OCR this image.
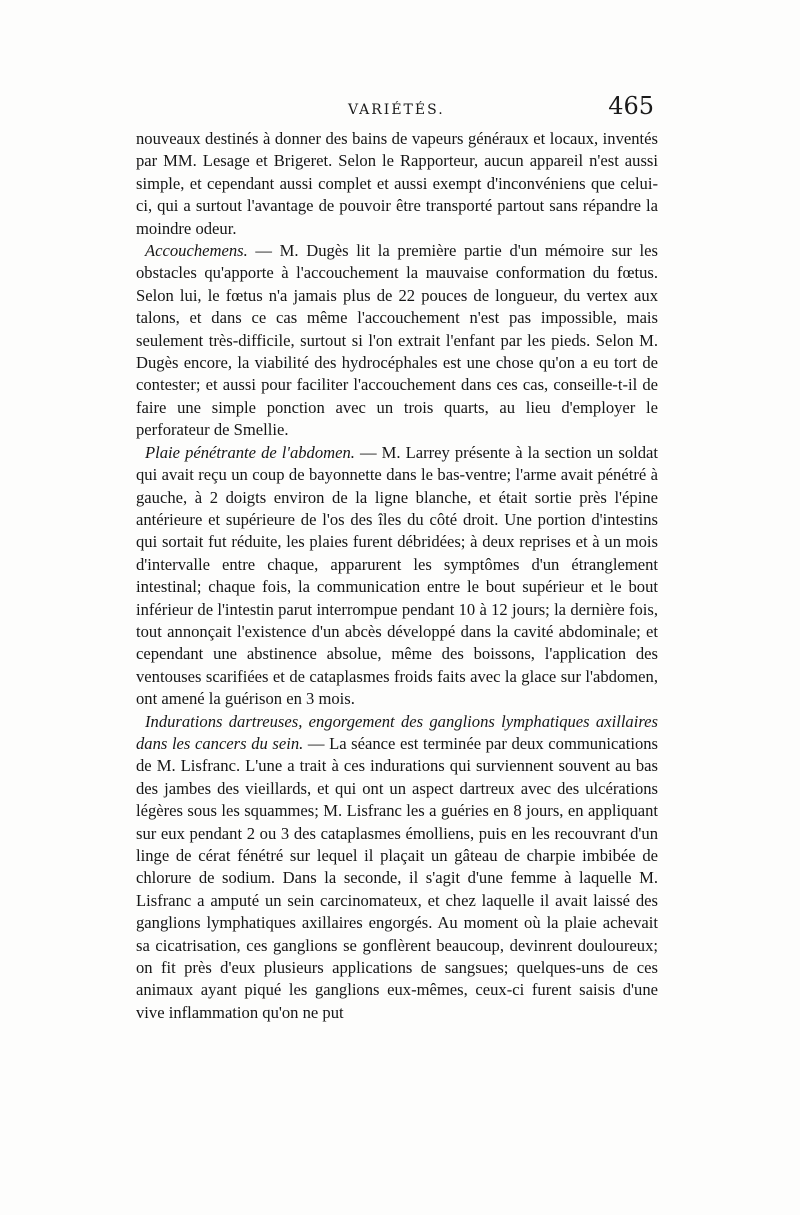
VARIÉTÉS.	465

nouveaux destinés à donner des bains de vapeurs généraux et locaux, inventés par MM. Lesage et Brigeret. Selon le Rapporteur, aucun appareil n'est aussi simple, et cependant aussi complet et aussi exempt d'inconvéniens que celui-ci, qui a surtout l'avantage de pouvoir être transporté partout sans répandre la moindre odeur.

Accouchemens. — M. Dugès lit la première partie d'un mémoire sur les obstacles qu'apporte à l'accouchement la mauvaise conformation du fœtus. Selon lui, le fœtus n'a jamais plus de 22 pouces de longueur, du vertex aux talons, et dans ce cas même l'accouchement n'est pas impossible, mais seulement très-difficile, surtout si l'on extrait l'enfant par les pieds. Selon M. Dugès encore, la viabilité des hydrocéphales est une chose qu'on a eu tort de contester; et aussi pour faciliter l'accouchement dans ces cas, conseille-t-il de faire une simple ponction avec un trois quarts, au lieu d'employer le perforateur de Smellie.

Plaie pénétrante de l'abdomen. — M. Larrey présente à la section un soldat qui avait reçu un coup de bayonnette dans le bas-ventre; l'arme avait pénétré à gauche, à 2 doigts environ de la ligne blanche, et était sortie près l'épine antérieure et supérieure de l'os des îles du côté droit. Une portion d'intestins qui sortait fut réduite, les plaies furent débridées; à deux reprises et à un mois d'intervalle entre chaque, apparurent les symptômes d'un étranglement intestinal; chaque fois, la communication entre le bout supérieur et le bout inférieur de l'intestin parut interrompue pendant 10 à 12 jours; la dernière fois, tout annonçait l'existence d'un abcès développé dans la cavité abdominale; et cependant une abstinence absolue, même des boissons, l'application des ventouses scarifiées et de cataplasmes froids faits avec la glace sur l'abdomen, ont amené la guérison en 3 mois.

Indurations dartreuses, engorgement des ganglions lymphatiques axillaires dans les cancers du sein. — La séance est terminée par deux communications de M. Lisfranc. L'une a trait à ces indurations qui surviennent souvent au bas des jambes des vieillards, et qui ont un aspect dartreux avec des ulcérations légères sous les squammes; M. Lisfranc les a guéries en 8 jours, en appliquant sur eux pendant 2 ou 3 des cataplasmes émolliens, puis en les recouvrant d'un linge de cérat fénétré sur lequel il plaçait un gâteau de charpie imbibée de chlorure de sodium. Dans la seconde, il s'agit d'une femme à laquelle M. Lisfranc a amputé un sein carcinomateux, et chez laquelle il avait laissé des ganglions lymphatiques axillaires engorgés. Au moment où la plaie achevait sa cicatrisation, ces ganglions se gonflèrent beaucoup, devinrent douloureux; on fit près d'eux plusieurs applications de sangsues; quelques-uns de ces animaux ayant piqué les ganglions eux-mêmes, ceux-ci furent saisis d'une vive inflammation qu'on ne put
